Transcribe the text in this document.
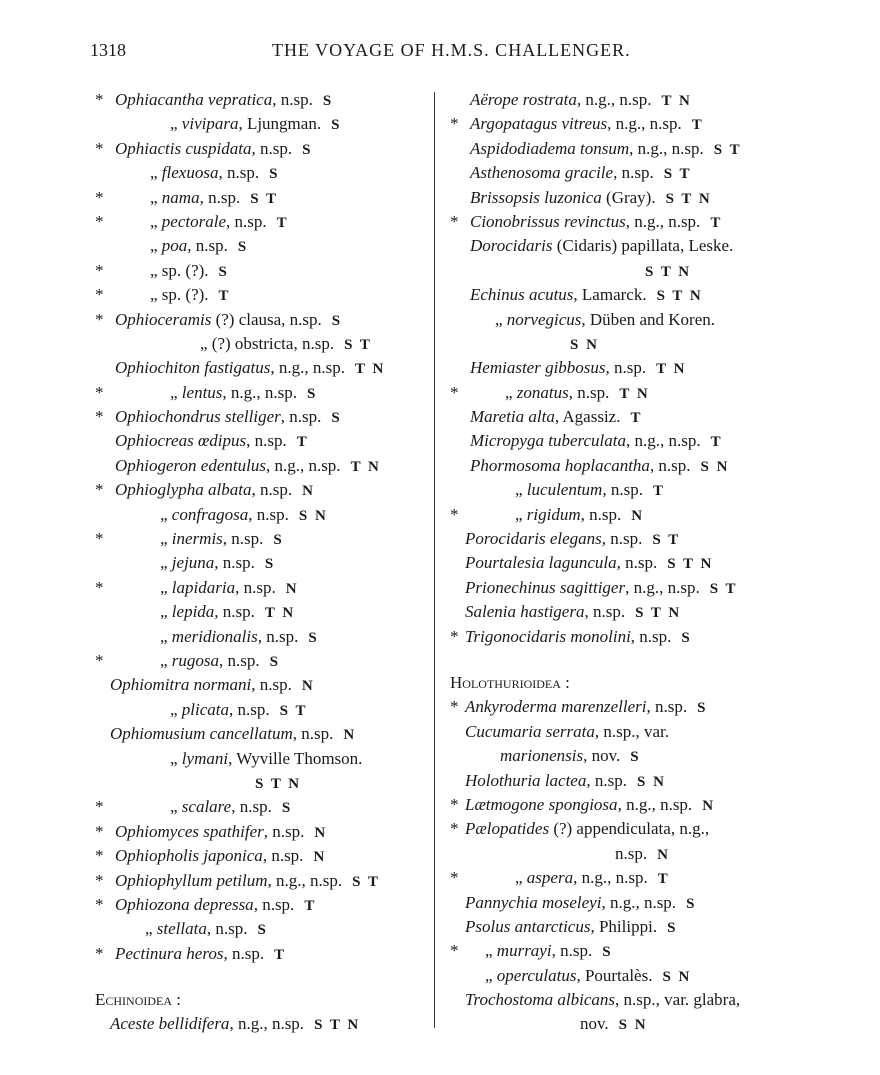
1318	THE VOYAGE OF H.M.S. CHALLENGER.
* Ophiacantha vepratica, n.sp. S
„ vivipara, Ljungman. S
* Ophiactis cuspidata, n.sp. S
„ flexuosa, n.sp. S
*	„ nama, n.sp. S T
*	„ pectorale, n.sp. T
„ poa, n.sp. S
*	„ sp. (?). S
*	„ sp. (?). T
* Ophioceramis (?) clausa, n.sp. S
„ (?) obstricta, n.sp. S T
Ophiochiton fastigatus, n.g., n.sp. T N
*	„ lentus, n.g., n.sp. S
* Ophiochondrus stelliger, n.sp. S
Ophiocreas œdipus, n.sp. T
Ophiogeron edentulus, n.g., n.sp. T N
* Ophioglypha albata, n.sp. N
„ confragosa, n.sp. S N
*	„ inermis, n.sp. S
„ jejuna, n.sp. S
*	„ lapidaria, n.sp. N
„ lepida, n.sp. T N
„ meridionalis, n.sp. S
*	„ rugosa, n.sp. S
Ophiomitra normani, n.sp. N
„ plicata, n.sp. S T
Ophiomusium cancellatum, n.sp. N
„ lymani, Wyville Thomson.
S T N
*	„ scalare, n.sp. S
* Ophiomyces spathifer, n.sp. N
* Ophiopholis japonica, n.sp. N
* Ophiophyllum petilum, n.g., n.sp. S T
* Ophiozona depressa, n.sp. T
„ stellata, n.sp. S
* Pectinura heros, n.sp. T
Echinoidea :
Aceste bellidifera, n.g., n.sp. S T N
Aërope rostrata, n.g., n.sp. T N
* Argopatagus vitreus, n.g., n.sp. T
Aspidodiadema tonsum, n.g., n.sp. S T
Asthenosoma gracile, n.sp. S T
Brissopsis luzonica (Gray). S T N
* Cionobrissus revinctus, n.g., n.sp. T
Dorocidaris (Cidaris) papillata, Leske.
S T N
Echinus acutus, Lamarck. S T N
„ norvegicus, Düben and Koren.
S N
Hemiaster gibbosus, n.sp. T N
*	„ zonatus, n.sp. T N
Maretia alta, Agassiz. T
Micropyga tuberculata, n.g., n.sp. T
Phormosoma hoplacantha, n.sp. S N
„ luculentum, n.sp. T
*	„ rigidum, n.sp. N
Porocidaris elegans, n.sp. S T
Pourtalesia laguncula, n.sp. S T N
Prionechinus sagittiger, n.g., n.sp. S T
Salenia hastigera, n.sp. S T N
* Trigonocidaris monolini, n.sp. S
Holothurioidea :
* Ankyroderma marenzelleri, n.sp. S
Cucumaria serrata, n.sp., var.
marionensis, nov. S
Holothuria lactea, n.sp. S N
* Lætmogone spongiosa, n.g., n.sp. N
* Pælopatides (?) appendiculata, n.g.,
n.sp. N
*	„ aspera, n.g., n.sp. T
Pannychia moseleyi, n.g., n.sp. S
Psolus antarcticus, Philippi. S
* „ murrayi, n.sp. S
„ operculatus, Pourtalès. S N
Trochostoma albicans, n.sp., var. glabra,
nov. S N
